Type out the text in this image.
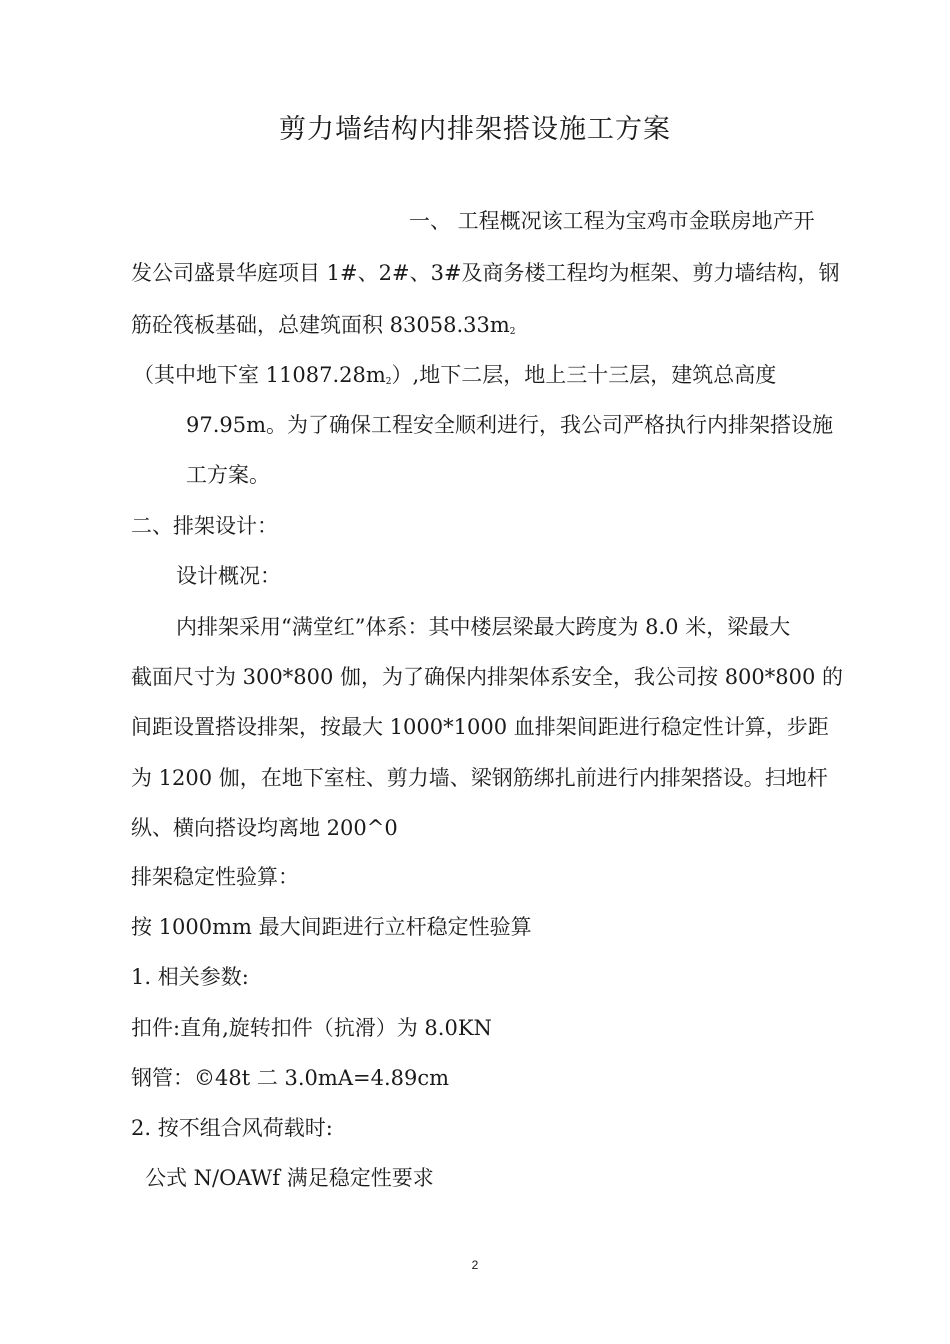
剪力墙结构内排架搭设施工方案
一、 工程概况该工程为宝鸡市金联房地产开
发公司盛景华庭项目 1#、2#、3#及商务楼工程均为框架、剪力墙结构，钢
筋砼筏板基础，总建筑面积 $83058.33m_2$
（其中地下室 $11087.28m_2$）,地下二层，地上三十三层，建筑总高度
97.95m。为了确保工程安全顺利进行，我公司严格执行内排架搭设施
工方案。
二、排架设计：
设计概况：
内排架采用“满堂红”体系：其中楼层梁最大跨度为 8.0 米，梁最大
截面尺寸为 300*800 伽，为了确保内排架体系安全，我公司按 800*800 的
间距设置搭设排架，按最大 1000*1000 血排架间距进行稳定性计算，步距
为 1200 伽，在地下室柱、剪力墙、梁钢筋绑扎前进行内排架搭设。扫地杆
纵、横向搭设均离地 200^0
排架稳定性验算：
按 1000mm 最大间距进行立杆稳定性验算
1. 相关参数:
扣件:直角,旋转扣件（抗滑）为 8.0KN
钢管：©48t 二 3.0mA=4.89cm
2. 按不组合风荷载时:
公式 N/OAWf 满足稳定性要求
2
